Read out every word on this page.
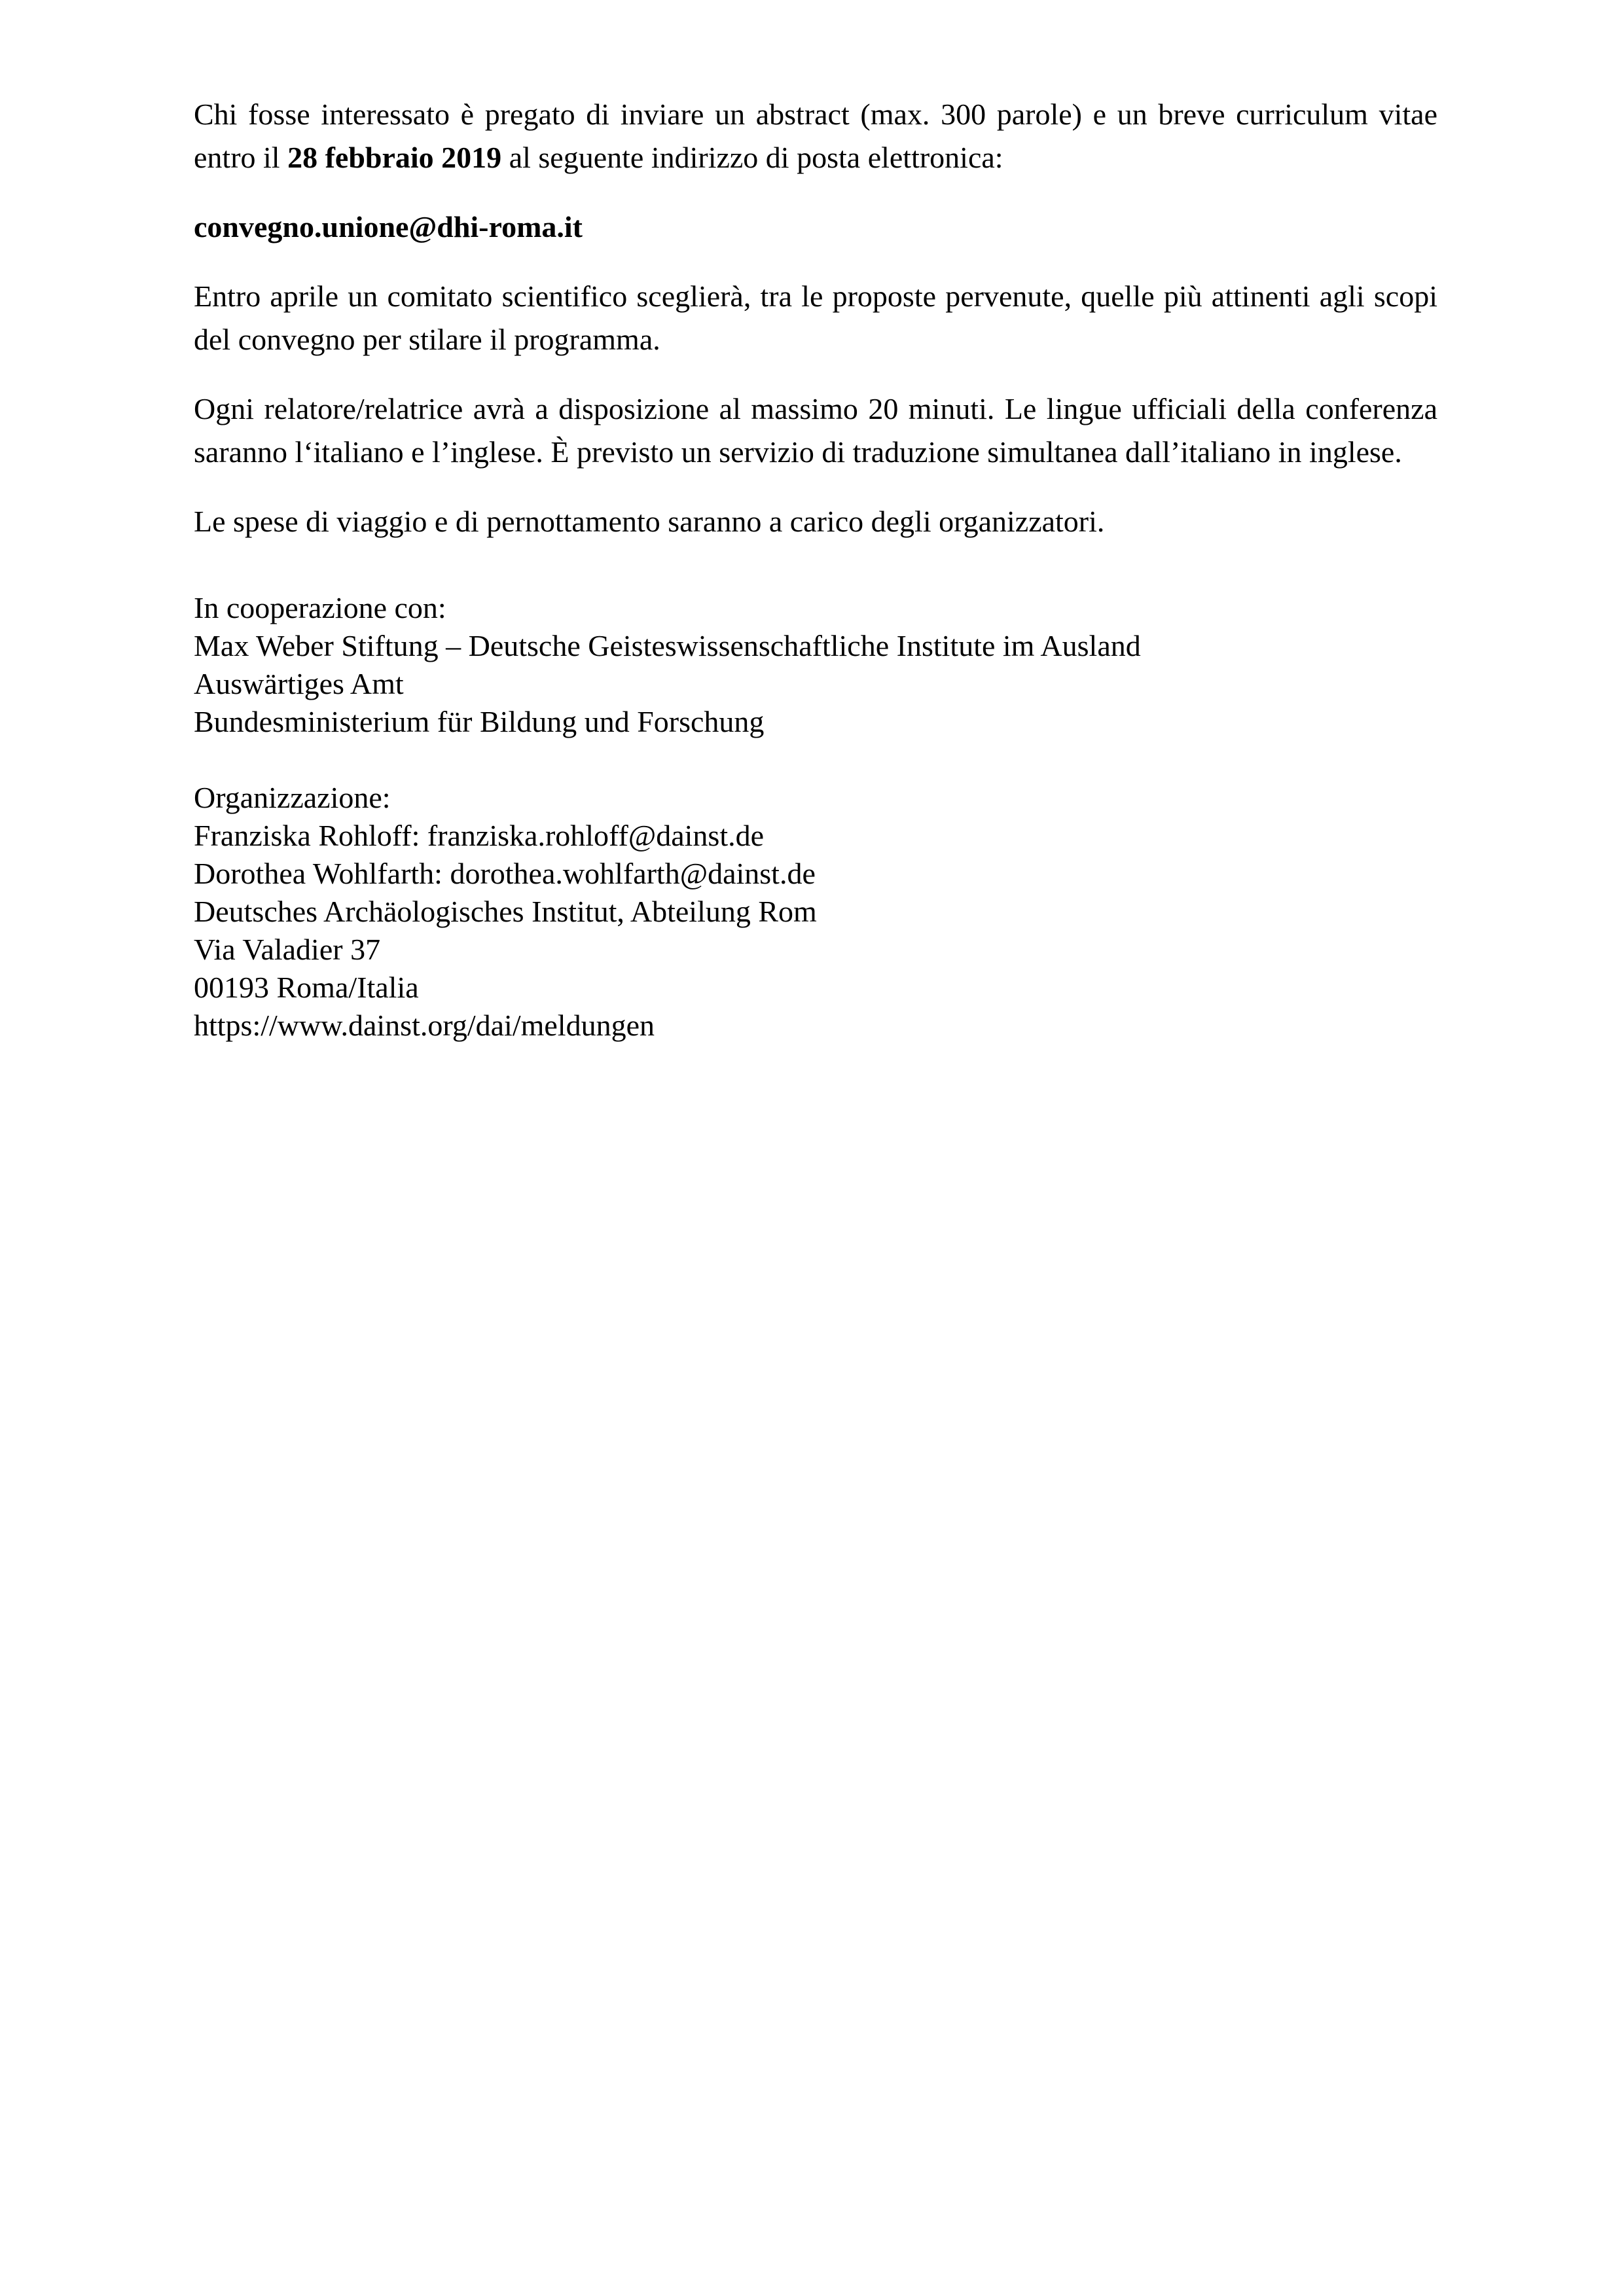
Chi fosse interessato è pregato di inviare un abstract (max. 300 parole) e un breve curriculum vitae entro il 28 febbraio 2019 al seguente indirizzo di posta elettronica:

convegno.unione@dhi-roma.it

Entro aprile un comitato scientifico sceglierà, tra le proposte pervenute, quelle più attinenti agli scopi del convegno per stilare il programma.

Ogni relatore/relatrice avrà a disposizione al massimo 20 minuti. Le lingue ufficiali della conferenza saranno l‘italiano e l’inglese. È previsto un servizio di traduzione simultanea dall’italiano in inglese.

Le spese di viaggio e di pernottamento saranno a carico degli organizzatori.

In cooperazione con:
Max Weber Stiftung – Deutsche Geisteswissenschaftliche Institute im Ausland
Auswärtiges Amt
Bundesministerium für Bildung und Forschung
Organizzazione:
Franziska Rohloff: franziska.rohloff@dainst.de
Dorothea Wohlfarth: dorothea.wohlfarth@dainst.de
Deutsches Archäologisches Institut, Abteilung Rom
Via Valadier 37
00193 Roma/Italia
https://www.dainst.org/dai/meldungen
